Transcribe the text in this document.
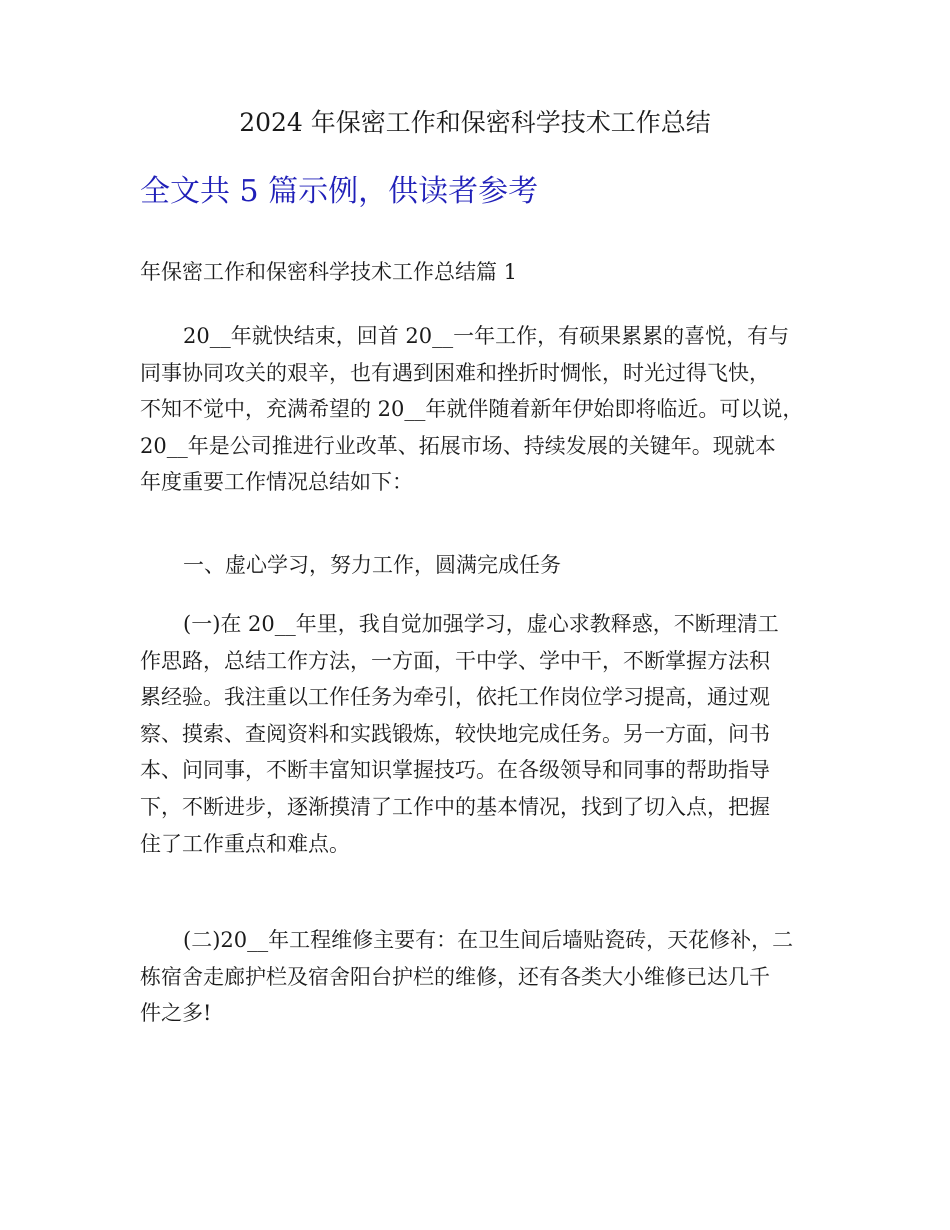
2024 年保密工作和保密科学技术工作总结
全文共 5 篇示例，供读者参考
年保密工作和保密科学技术工作总结篇 1
20__年就快结束，回首 20__一年工作，有硕果累累的喜悦，有与
同事协同攻关的艰辛，也有遇到困难和挫折时惆怅，时光过得飞快，
不知不觉中，充满希望的 20__年就伴随着新年伊始即将临近。可以说，
20__年是公司推进行业改革、拓展市场、持续发展的关键年。现就本
年度重要工作情况总结如下：
一、虚心学习，努力工作，圆满完成任务
(一)在 20__年里，我自觉加强学习，虚心求教释惑，不断理清工
作思路，总结工作方法，一方面，干中学、学中干，不断掌握方法积
累经验。我注重以工作任务为牵引，依托工作岗位学习提高，通过观
察、摸索、查阅资料和实践锻炼，较快地完成任务。另一方面，问书
本、问同事，不断丰富知识掌握技巧。在各级领导和同事的帮助指导
下，不断进步，逐渐摸清了工作中的基本情况，找到了切入点，把握
住了工作重点和难点。
(二)20__年工程维修主要有：在卫生间后墙贴瓷砖，天花修补，二
栋宿舍走廊护栏及宿舍阳台护栏的维修，还有各类大小维修已达几千
件之多!
